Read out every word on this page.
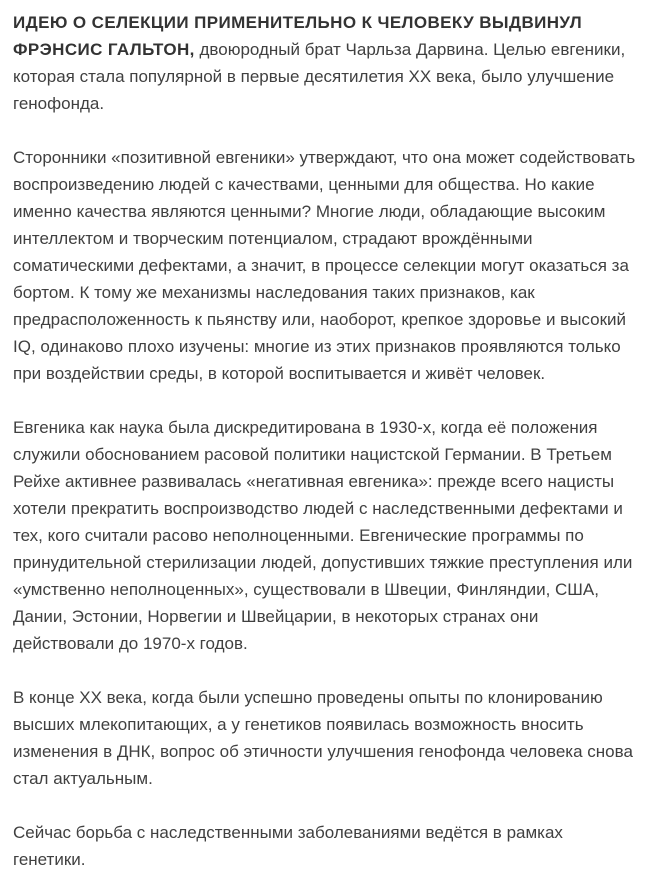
ИДЕЮ О СЕЛЕКЦИИ ПРИМЕНИТЕЛЬНО К ЧЕЛОВЕКУ ВЫДВИНУЛ ФРЭНСИС ГАЛЬТОН, двоюродный брат Чарльза Дарвина. Целью евгеники, которая стала популярной в первые десятилетия XX века, было улучшение генофонда.

Сторонники «позитивной евгеники» утверждают, что она может содействовать воспроизведению людей с качествами, ценными для общества. Но какие именно качества являются ценными? Многие люди, обладающие высоким интеллектом и творческим потенциалом, страдают врождёнными соматическими дефектами, а значит, в процессе селекции могут оказаться за бортом. К тому же механизмы наследования таких признаков, как предрасположенность к пьянству или, наоборот, крепкое здоровье и высокий IQ, одинаково плохо изучены: многие из этих признаков проявляются только при воздействии среды, в которой воспитывается и живёт человек.

Евгеника как наука была дискредитирована в 1930-х, когда её положения служили обоснованием расовой политики нацистской Германии. В Третьем Рейхе активнее развивалась «негативная евгеника»: прежде всего нацисты хотели прекратить воспроизводство людей с наследственными дефектами и тех, кого считали расово неполноценными. Евгенические программы по принудительной стерилизации людей, допустивших тяжкие преступления или «умственно неполноценных», существовали в Швеции, Финляндии, США,  Дании, Эстонии, Норвегии и Швейцарии, в некоторых странах они действовали до 1970-х годов.

В конце XX века, когда были успешно проведены опыты по клонированию высших млекопитающих, а у генетиков появилась возможность вносить изменения в ДНК, вопрос об этичности улучшения генофонда человека снова стал актуальным.

Сейчас борьба с наследственными заболеваниями ведётся в рамках генетики.
